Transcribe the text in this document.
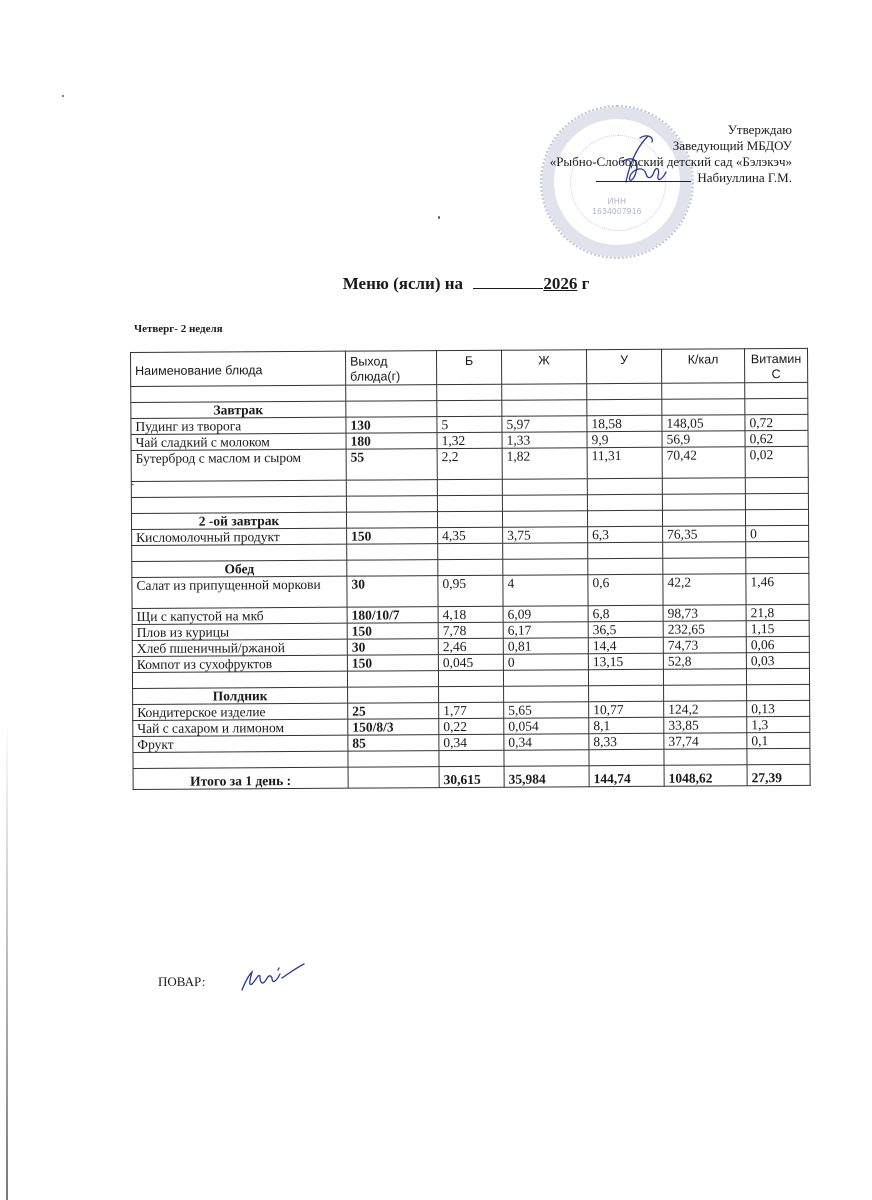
ИНН
1634007916
Утверждаю
Заведующий МБДОУ
«Рыбно-Слободский детский сад «Бэлэкэч»
Набиуллина Г.М.
Меню (ясли) на	2026 г
Четверг- 2 неделя
Наименование блюда	Выход блюда(г)	Б	Ж	У	К/кал	Витамин С

Завтрак						
Пудинг из творога	130	5	5,97	18,58	148,05	0,72
Чай сладкий с молоком	180	1,32	1,33	9,9	56,9	0,62
Бутерброд с маслом и сыром	55	2,2	1,82	11,31	70,42	0,02

2 -ой завтрак						
Кисломолочный продукт	150	4,35	3,75	6,3	76,35	0

Обед						
Салат из припущенной моркови	30	0,95	4	0,6	42,2	1,46
Щи с капустой на мкб	180/10/7	4,18	6,09	6,8	98,73	21,8
Плов из курицы	150	7,78	6,17	36,5	232,65	1,15
Хлеб пшеничный/ржаной	30	2,46	0,81	14,4	74,73	0,06
Компот из сухофруктов	150	0,045	0	13,15	52,8	0,03

Полдник						
Кондитерское изделие	25	1,77	5,65	10,77	124,2	0,13
Чай с сахаром и лимоном	150/8/3	0,22	0,054	8,1	33,85	1,3
Фрукт	85	0,34	0,34	8,33	37,74	0,1

Итого за 1 день :		30,615	35,984	144,74	1048,62	27,39
ПОВАР:
